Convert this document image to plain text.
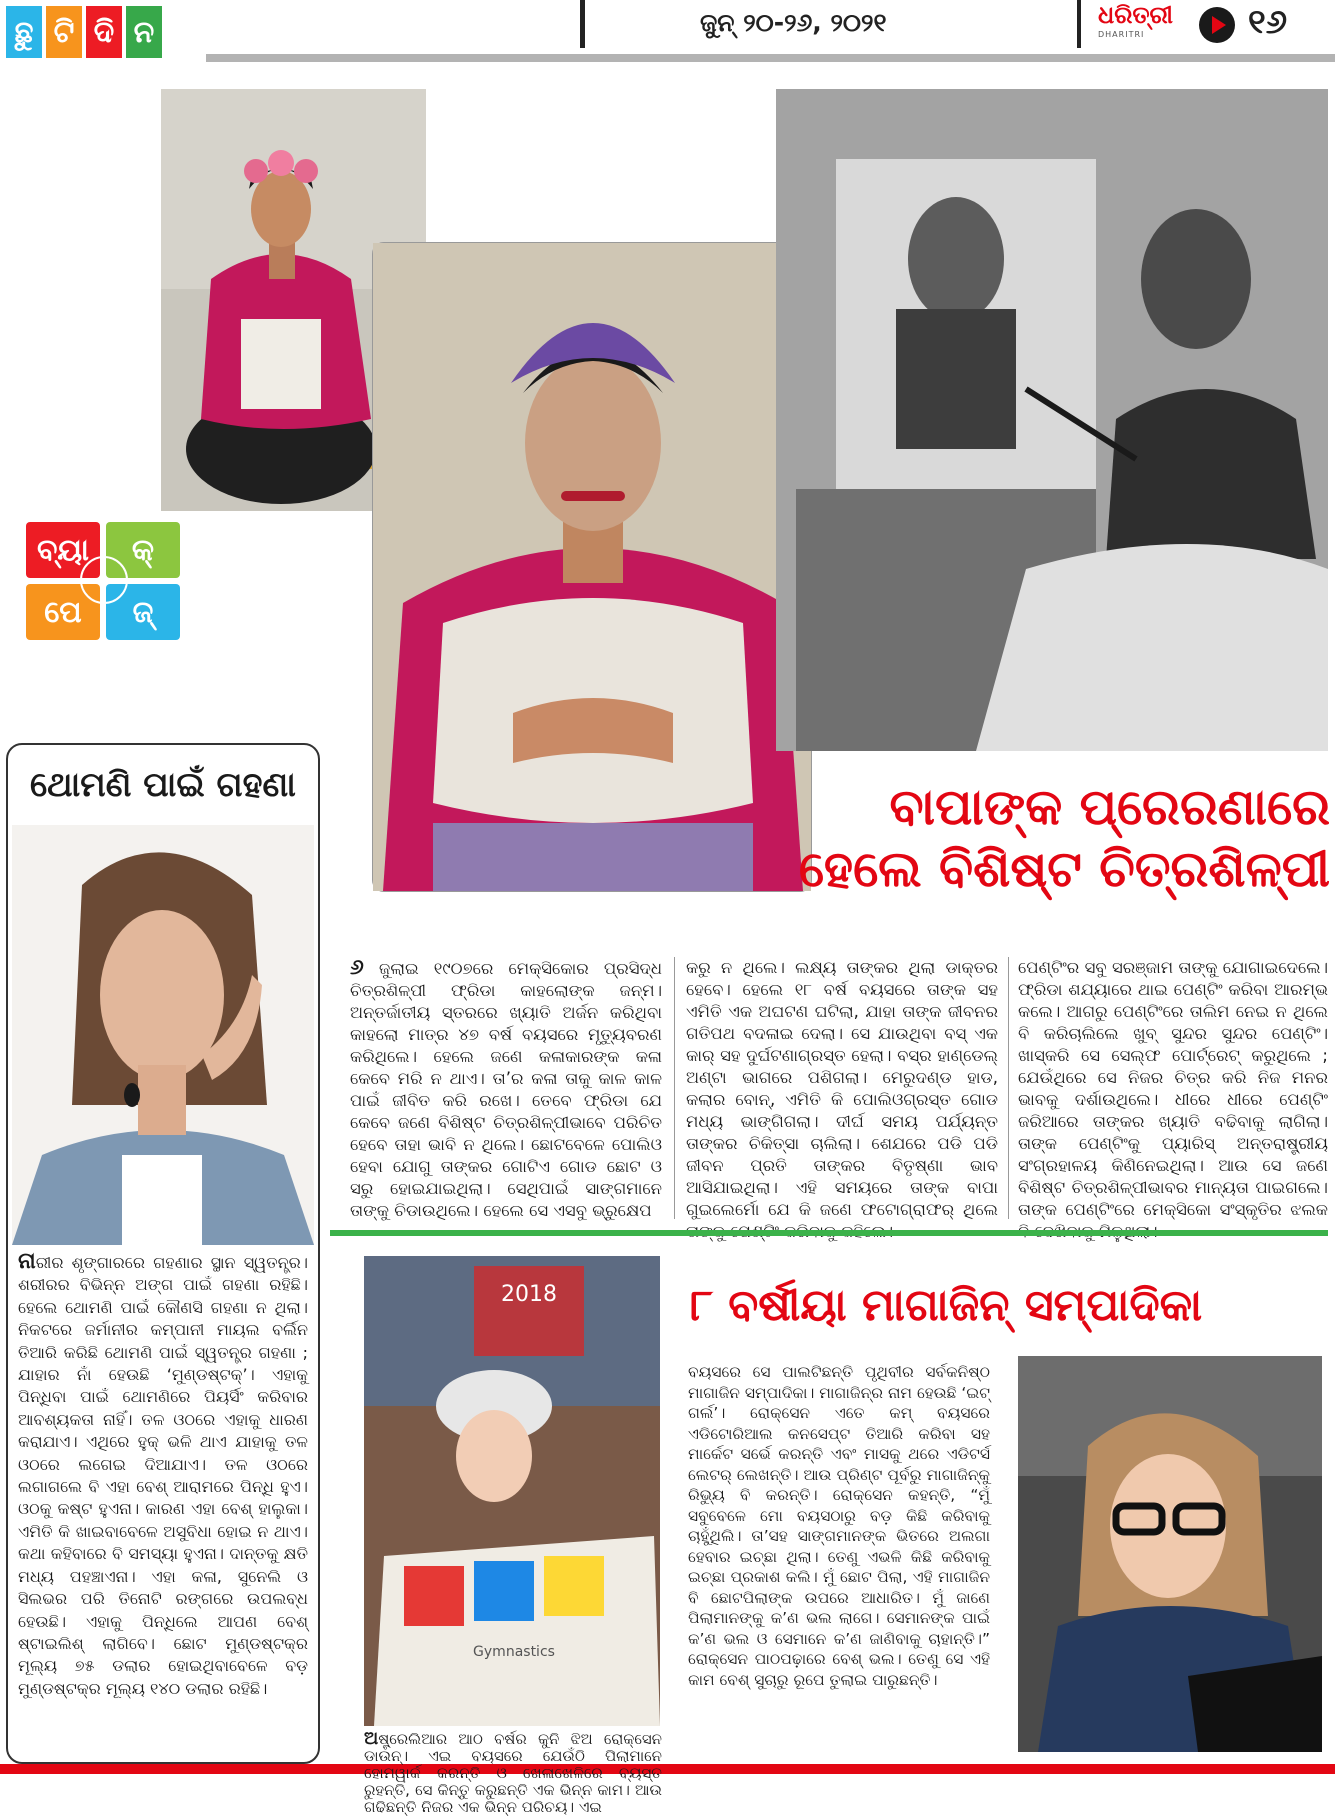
ଛୁ ଟି ଦି ନ	ଜୁନ୍ ୨୦-୨୬, ୨୦୨୧	ଧରିତ୍ରୀ
DHARITRI	୧୬
ବ୍ୟା	କ୍
ପେ	ଜ୍
ଥୋମଣି ପାଇଁ ଗହଣା

ନାରୀର ଶୃଙ୍ଗାରରେ ଗହଣାର ସ୍ଥାନ ସ୍ୱତନ୍ତ୍ର। ଶରୀରର ବିଭିନ୍ନ ଅଙ୍ଗ ପାଇଁ ଗହଣା ରହିଛି। ହେଲେ ଥୋମଣି ପାଇଁ କୌଣସି ଗହଣା ନ ଥିଲା। ନିକଟରେ ଜର୍ମାନୀର କମ୍ପାନୀ ମାୟଲ ବର୍ଲିନ ତିଆରି କରିଛି ଥୋମଣି ପାଇଁ ସ୍ୱତନ୍ତ୍ର ଗହଣା ; ଯାହାର ନାଁ ହେଉଛି ‘ମୁଣ୍ଡଷ୍ଟକ୍’। ଏହାକୁ ପିନ୍ଧିବା ପାଇଁ ଥୋମଣିରେ ପିୟର୍ସିଂ କରିବାର ଆବଶ୍ୟକତା ନାହିଁ। ତଳ ଓଠରେ ଏହାକୁ ଧାରଣ କରାଯାଏ। ଏଥିରେ ହୁକ୍ ଭଳି ଥାଏ ଯାହାକୁ ତଳ ଓଠରେ ଲଗେଇ ଦିଆଯାଏ। ତଳ ଓଠରେ ଲଗାଗଲେ ବି ଏହା ବେଶ୍ ଆରାମରେ ପିନ୍ଧି ହୁଏ। ଓଠକୁ କଷ୍ଟ ହୁଏନା। କାରଣ ଏହା ବେଶ୍ ହାଲୁକା। ଏମିତି କି ଖାଇବାବେଳେ ଅସୁବିଧା ହୋଇ ନ ଥାଏ। କଥା କହିବାରେ ବି ସମସ୍ୟା ହୁଏନା। ଦାନ୍ତକୁ କ୍ଷତି ମଧ୍ୟ ପହଞ୍ଚାଏନା। ଏହା କଳା, ସୁନେଲି ଓ ସିଲଭର ପରି ତିନୋଟି ରଙ୍ଗରେ ଉପଲବ୍ଧ ହେଉଛି। ଏହାକୁ ପିନ୍ଧିଲେ ଆପଣ ବେଶ୍ ଷ୍ଟାଇଲିଶ୍ ଲାଗିବେ। ଛୋଟ ମୁଣ୍ଡଷ୍ଟକ୍‌ର ମୂଲ୍ୟ ୭୫ ଡଲାର ହୋଇଥିବାବେଳେ ବଡ଼ ମୁଣ୍ଡଷ୍ଟକ୍‌ର ମୂଲ୍ୟ ୧୪୦ ଡଲାର ରହିଛି।

ବାପାଙ୍କ ପ୍ରେରଣାରେ
ହେଲେ ବିଶିଷ୍ଟ ଚିତ୍ରଶିଳ୍ପୀ

୬ ଜୁଲାଇ ୧୯୦୭ରେ ମେକ୍ସିକୋର ପ୍ରସିଦ୍ଧ ଚିତ୍ରଶିଳ୍ପୀ ଫ୍ରିଡା କାହଲୋଙ୍କ ଜନ୍ମ। ଅନ୍ତର୍ଜାତୀୟ ସ୍ତରରେ ଖ୍ୟାତି ଅର୍ଜନ କରିଥିବା କାହଲୋ ମାତ୍ର ୪୭ ବର୍ଷ ବୟସରେ ମୃତ୍ୟୁବରଣ କରିଥିଲେ। ହେଲେ ଜଣେ କଳାକାରଙ୍କ କଳା କେବେ ମରି ନ ଥାଏ। ତା’ର କଳା ତାକୁ କାଳ କାଳ ପାଇଁ ଜୀବିତ କରି ରଖେ। ତେବେ ଫ୍ରିଡା ଯେ କେବେ ଜଣେ ବିଶିଷ୍ଟ ଚିତ୍ରଶିଳ୍ପୀଭାବେ ପରିଚିତ ହେବେ ତାହା ଭାବି ନ ଥିଲେ। ଛୋଟବେଳେ ପୋଲିଓ ହେବା ଯୋଗୁ ତାଙ୍କର ଗୋଟିଏ ଗୋଡ ଛୋଟ ଓ ସରୁ ହୋଇଯାଇଥିଲା। ସେଥିପାଇଁ ସାଙ୍ଗମାନେ ତାଙ୍କୁ ଚିଡାଉଥିଲେ। ହେଲେ ସେ ଏସବୁ ଭ୍ରୁକ୍ଷେପ

କରୁ ନ ଥିଲେ। ଲକ୍ଷ୍ୟ ତାଙ୍କର ଥିଲା ଡାକ୍ତର ହେବେ। ହେଲେ ୧୮ ବର୍ଷ ବୟସରେ ତାଙ୍କ ସହ ଏମିତି ଏକ ଅଘଟଣ ଘଟିଲା, ଯାହା ତାଙ୍କ ଜୀବନର ଗତିପଥ ବଦଳାଇ ଦେଲା। ସେ ଯାଉଥିବା ବସ୍ ଏକ କାର୍ ସହ ଦୁର୍ଘଟଣାଗ୍ରସ୍ତ ହେଲା। ବସ୍‌ର ହାଣ୍ଡେଲ୍ ଅଣ୍ଟା ଭାଗରେ ପଶିଗଲା। ମେରୁଦଣ୍ଡ ହାଡ, କଲାର ବୋନ୍, ଏମିତି କି ପୋଲିଓଗ୍ରସ୍ତ ଗୋଡ ମଧ୍ୟ ଭାଙ୍ଗିଗଲା। ଦୀର୍ଘ ସମୟ ପର୍ଯ୍ୟନ୍ତ ତାଙ୍କର ଚିକିତ୍ସା ଚାଲିଲା। ଶେଯରେ ପଡି ପଡି ଜୀବନ ପ୍ରତି ତାଙ୍କର ବିତୃଷ୍ଣା ଭାବ ଆସିଯାଇଥିଲା। ଏହି ସମୟରେ ତାଙ୍କ ବାପା ଗୁଇଲେର୍ମୋ ଯେ କି ଜଣେ ଫଟୋଗ୍ରାଫର୍ ଥିଲେ

ପେଣ୍ଟିଂର ସବୁ ସରଞ୍ଜାମ ତାଙ୍କୁ ଯୋଗାଇଦେଲେ। ଫ୍ରିଡା ଶଯ୍ୟାରେ ଥାଇ ପେଣ୍ଟିଂ କରିବା ଆରମ୍ଭ କଲେ। ଆଗରୁ ପେଣ୍ଟିଂରେ ତାଲିମ ନେଇ ନ ଥିଲେ ବି କରିଚାଲିଲେ ଖୁବ୍ ସୁନ୍ଦର ସୁନ୍ଦର ପେଣ୍ଟିଂ। ଖାସ୍‌କରି ସେ ସେଲ୍ଫ ପୋର୍ଟ୍ରେଟ୍ କରୁଥିଲେ ; ଯେଉଁଥିରେ ସେ ନିଜର ଚିତ୍ର କରି ନିଜ ମନର ଭାବକୁ ଦର୍ଶାଉଥିଲେ। ଧୀରେ ଧୀରେ ପେଣ୍ଟିଂ ଜରିଆରେ ତାଙ୍କର ଖ୍ୟାତି ବଢିବାକୁ ଲାଗିଲା। ତାଙ୍କ ପେଣ୍ଟିଂକୁ ପ୍ୟାରିସ୍ ଅନ୍ତରାଷ୍ଟ୍ରୀୟ ସଂଗ୍ରହାଳୟ କିଣିନେଇଥିଲା। ଆଉ ସେ ଜଣେ ବିଶିଷ୍ଟ ଚିତ୍ରଶିଳ୍ପୀଭାବର ମାନ୍ୟତା ପାଇଗଲେ। ତାଙ୍କ ପେଣ୍ଟିଂରେ ମେକ୍ସିକୋ ସଂସ୍କୃତିର ଝଲକ

2018
Gymnastics
୮ ବର୍ଷୀୟା ମାଗାଜିନ୍ ସମ୍ପାଦିକା

ବୟସରେ ସେ ପାଲଟିଛନ୍ତି ପୃଥିବୀର ସର୍ବକନିଷ୍ଠ ମାଗାଜିନ ସମ୍ପାଦିକା। ମାଗାଜିନ୍‌ର ନାମ ହେଉଛି ‘ଇଟ୍ ଗର୍ଲ’। ରୋକ୍ସେନ ଏତେ କମ୍ ବୟସରେ ଏଡିଟୋରିଆଲ କନସେପ୍ଟ ତିଆରି କରିବା ସହ ମାର୍କେଟ ସର୍ଭେ କରନ୍ତି ଏବଂ ମାସକୁ ଥରେ ଏଡିଟର୍ସ ଲେଟର୍ ଲେଖନ୍ତି। ଆଉ ପ୍ରିଣ୍ଟ ପୂର୍ବରୁ ମାଗାଜିନ୍‌କୁ ରିଭ୍ୟୁ ବି କରନ୍ତି। ରୋକ୍ସେନ କହନ୍ତି, “ମୁଁ ସବୁବେଳେ ମୋ ବୟସଠାରୁ ବଡ଼ କିଛି କରିବାକୁ ଚାହୁଁଥିଲି। ତା’ସହ ସାଙ୍ଗମାନଙ୍କ ଭିତରେ ଅଲଗା ହେବାର ଇଚ୍ଛା ଥିଲା। ତେଣୁ ଏଭଳି କିଛି କରିବାକୁ ଇଚ୍ଛା ପ୍ରକାଶ କଲି। ମୁଁ ଛୋଟ ପିଲା, ଏହି ମାଗାଜିନ ବି ଛୋଟପିଲାଙ୍କ ଉପରେ ଆଧାରିତ। ମୁଁ ଜାଣେ ପିଲାମାନଙ୍କୁ କ’ଣ ଭଲ ଲାଗେ। ସେମାନଙ୍କ ପାଇଁ କ’ଣ ଭଲ ଓ ସେମାନେ କ’ଣ ଜାଣିବାକୁ ଚାହାନ୍ତି।” ରୋକ୍ସେନ ପାଠପଢ଼ାରେ ବେଶ୍ ଭଲ। ତେଣୁ ସେ ଏହି କାମ ବେଶ୍ ସୁଚାରୁ ରୂପେ ତୁଲାଇ ପାରୁଛନ୍ତି।

ଅଷ୍ଟ୍ରେଲିଆର ଆଠ ବର୍ଷର କୁନି ଝିଅ ରୋକ୍ସେନ ଡାଉନ୍। ଏଇ ବୟସରେ ଯେଉଁଠି ପିଲାମାନେ ହୋମୱାର୍କ କରନ୍ତି ଓ ଖେଳାଖେଳିରେ ବ୍ୟସ୍ତ ରୁହନ୍ତି, ସେ କିନ୍ତୁ କରୁଛନ୍ତି ଏକ ଭିନ୍ନ କାମ। ଆଉ ଗଢିଛନ୍ତି ନିଜର ଏକ ଭିନ୍ନ ପରିଚୟ। ଏଇ
